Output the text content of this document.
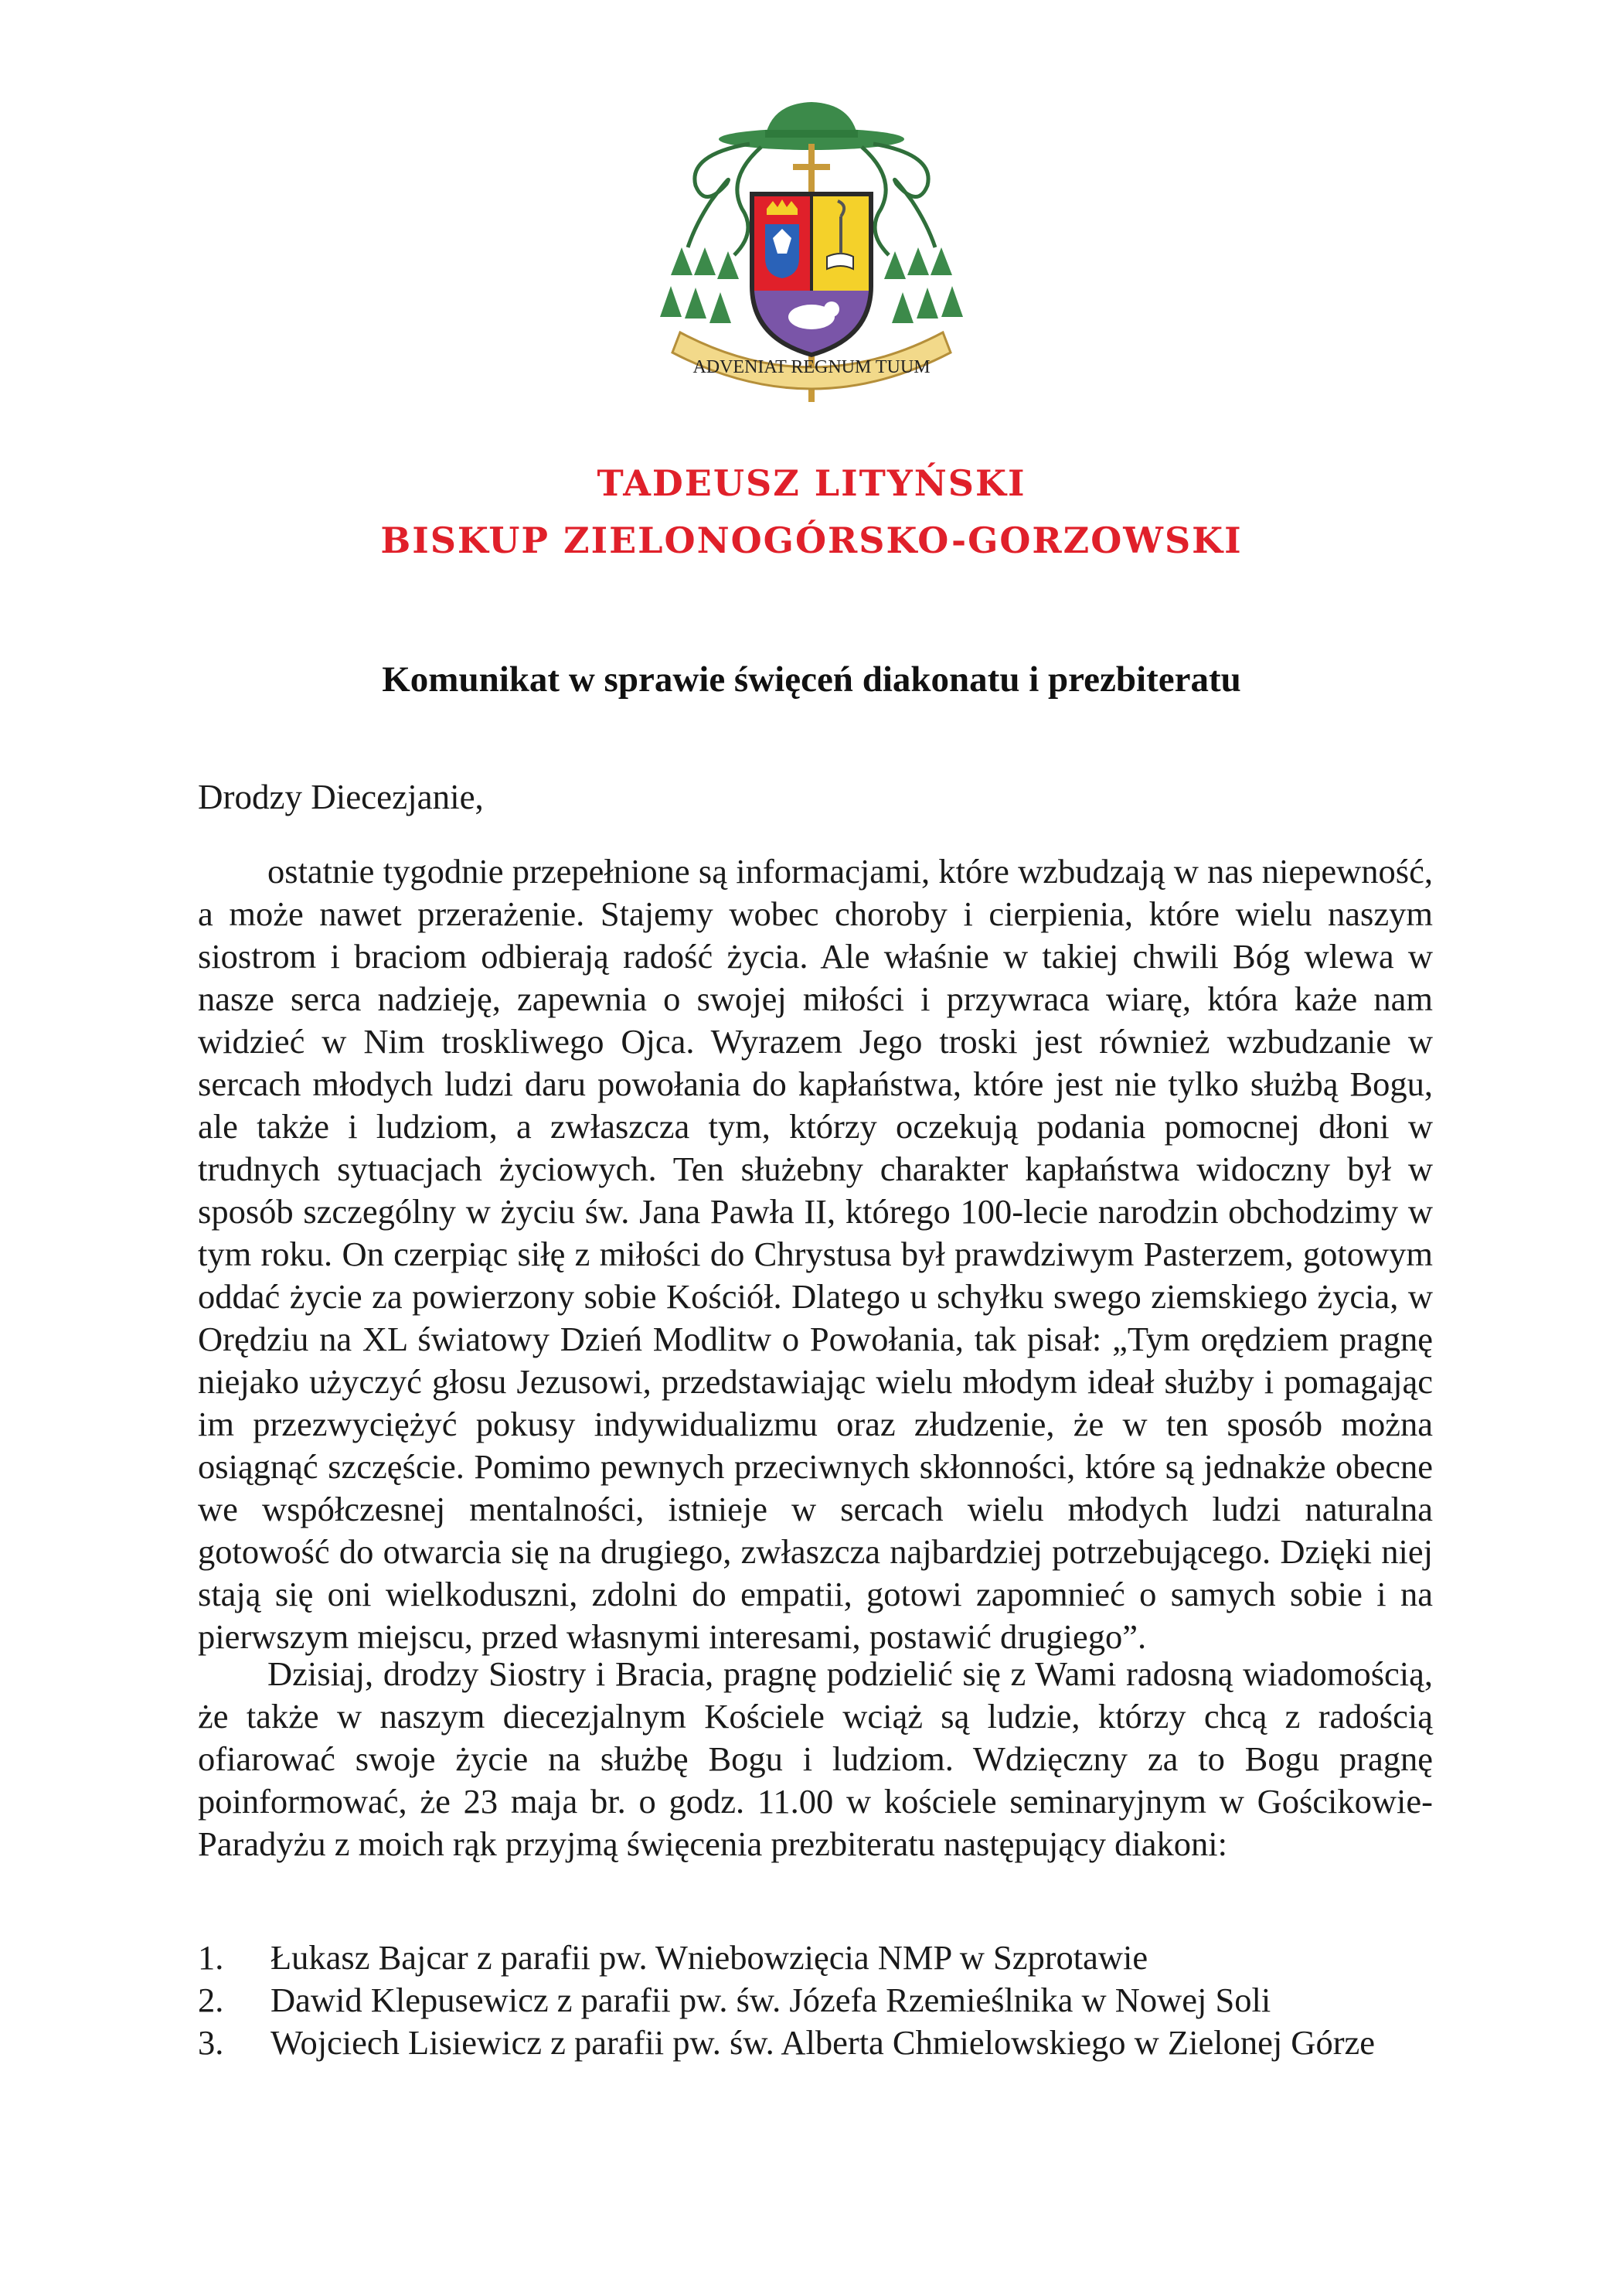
ADVENIAT REGNUM TUUM
TADEUSZ LITYŃSKI
BISKUP ZIELONOGÓRSKO-GORZOWSKI
Komunikat w sprawie święceń diakonatu i prezbiteratu
Drodzy Diecezjanie,

ostatnie tygodnie przepełnione są informacjami, które wzbudzają w nas niepewność, a może nawet przerażenie. Stajemy wobec choroby i cierpienia, które wielu naszym siostrom i braciom odbierają radość życia. Ale właśnie w takiej chwili Bóg wlewa w nasze serca nadzieję, zapewnia o swojej miłości i przywraca wiarę, która każe nam widzieć w Nim troskliwego Ojca. Wyrazem Jego troski jest również wzbudzanie w sercach młodych ludzi daru powołania do kapłaństwa, które jest nie tylko służbą Bogu, ale także i ludziom, a zwłaszcza tym, którzy oczekują podania pomocnej dłoni w trudnych sytuacjach życiowych. Ten służebny charakter kapłaństwa widoczny był w sposób szczególny w życiu św. Jana Pawła II, którego 100-lecie narodzin obchodzimy w tym roku. On czerpiąc siłę z miłości do Chrystusa był prawdziwym Pasterzem, gotowym oddać życie za powierzony sobie Kościół. Dlatego u schyłku swego ziemskiego życia, w Orędziu na XL światowy Dzień Modlitw o Powołania, tak pisał: „Tym orędziem pragnę niejako użyczyć głosu Jezusowi, przedstawiając wielu młodym ideał służby i pomagając im przezwyciężyć pokusy indywidualizmu oraz złudzenie, że w ten sposób można osiągnąć szczęście. Pomimo pewnych przeciwnych skłonności, które są jednakże obecne we współczesnej mentalności, istnieje w sercach wielu młodych ludzi naturalna gotowość do otwarcia się na drugiego, zwłaszcza najbardziej potrzebującego. Dzięki niej stają się oni wielkoduszni, zdolni do empatii, gotowi zapomnieć o samych sobie i na pierwszym miejscu, przed własnymi interesami, postawić drugiego”.

Dzisiaj, drodzy Siostry i Bracia, pragnę podzielić się z Wami radosną wiadomością, że także w naszym diecezjalnym Kościele wciąż są ludzie, którzy chcą z radością ofiarować swoje życie na służbę Bogu i ludziom. Wdzięczny za to Bogu pragnę poinformować, że 23 maja br. o godz. 11.00 w kościele seminaryjnym w Gościkowie-Paradyżu z moich rąk przyjmą święcenia prezbiteratu następujący diakoni:

1.	Łukasz Bajcar z parafii pw. Wniebowzięcia NMP w Szprotawie
2.	Dawid Klepusewicz z parafii pw. św. Józefa Rzemieślnika w Nowej Soli
3.	Wojciech Lisiewicz z parafii pw. św. Alberta Chmielowskiego w Zielonej Górze
